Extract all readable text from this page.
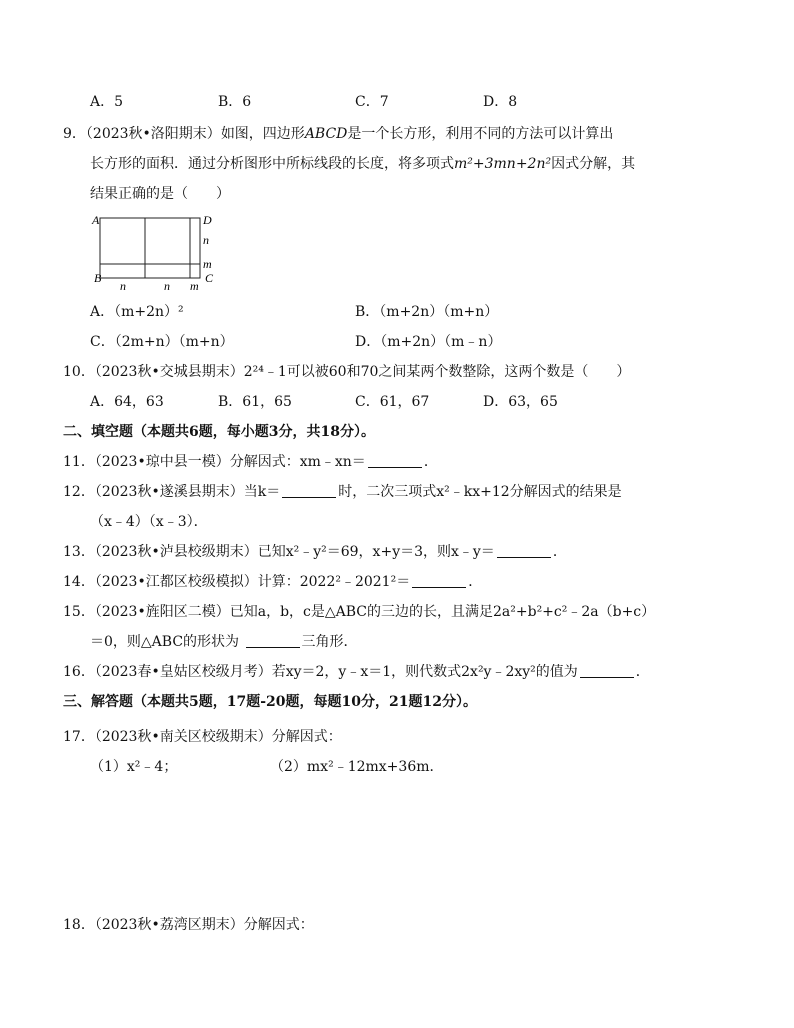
A．5	B．6	C．7	D．8
9．（2023秋•洛阳期末）如图，四边形ABCD是一个长方形，利用不同的方法可以计算出
长方形的面积．通过分析图形中所标线段的长度，将多项式m²+3mn+2n²因式分解，其
结果正确的是（　　）
A	D
B	C
n
m
n	n m
A．（m+2n）²	B．（m+2n）（m+n）
C．（2m+n）（m+n）	D．（m+2n）（m﹣n）
10．（2023秋•交城县期末）2²⁴﹣1可以被60和70之间某两个数整除，这两个数是（　　）
A．64，63	B．61，65	C．61，67	D．63，65
二、填空题（本题共6题，每小题3分，共18分）。
11．（2023•琼中县一模）分解因式：xm﹣xn＝	．
12．（2023秋•遂溪县期末）当k＝	时，二次三项式x²﹣kx+12分解因式的结果是
（x﹣4）（x﹣3）．
13．（2023秋•泸县校级期末）已知x²﹣y²＝69，x+y＝3，则x﹣y＝	．
14．（2023•江都区校级模拟）计算：2022²﹣2021²＝	．
15．（2023•旌阳区二模）已知a，b，c是△ABC的三边的长，且满足2a²+b²+c²﹣2a（b+c）
＝0，则△ABC的形状为	三角形．
16．（2023春•皇姑区校级月考）若xy＝2，y﹣x＝1，则代数式2x²y﹣2xy²的值为	．
三、解答题（本题共5题，17题-20题，每题10分，21题12分）。
17．（2023秋•南关区校级期末）分解因式：
（1）x²﹣4；	（2）mx²﹣12mx+36m．
18．（2023秋•荔湾区期末）分解因式：
